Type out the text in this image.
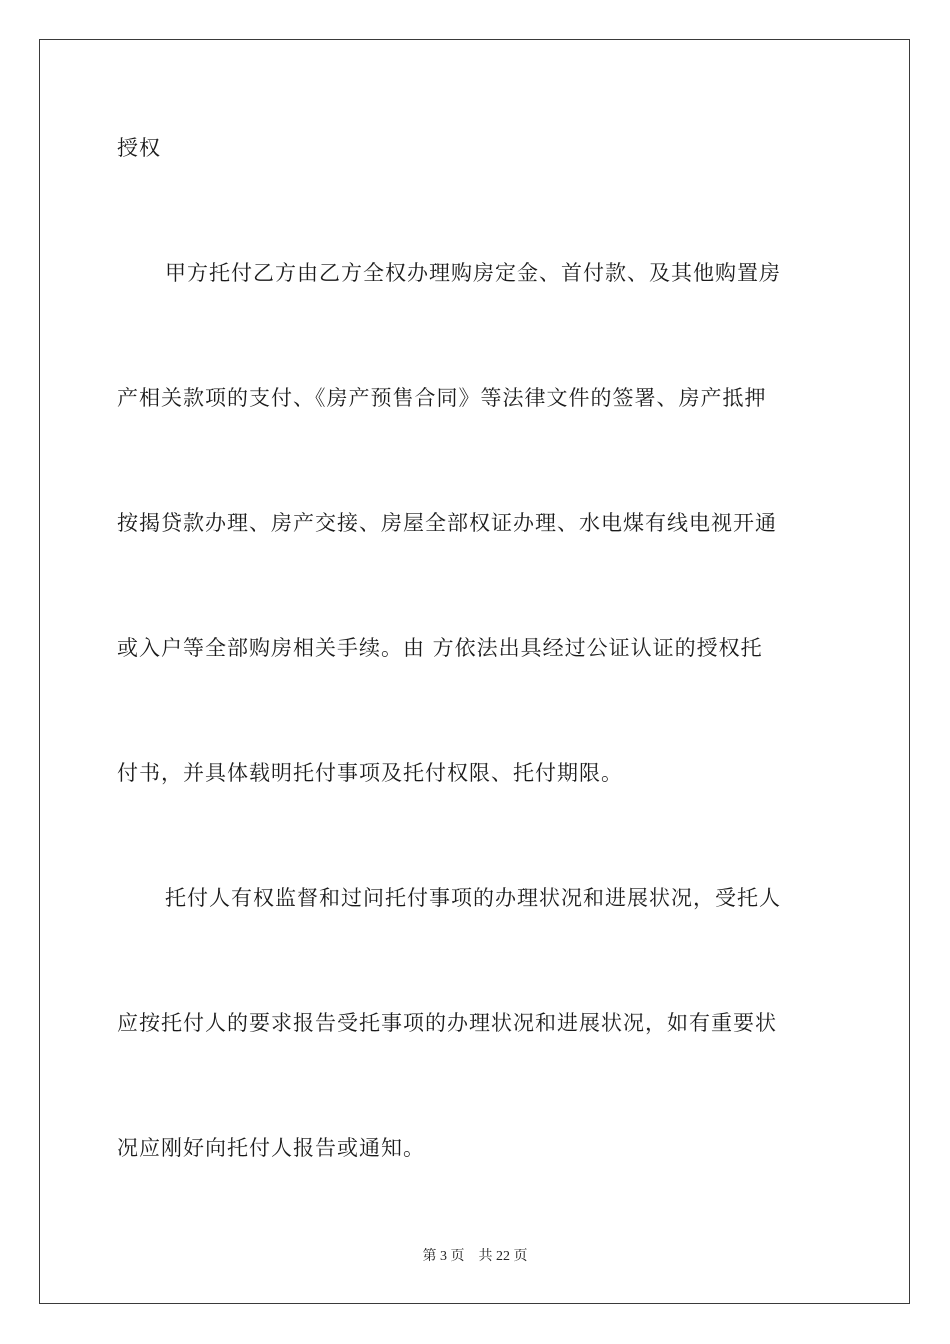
授权
甲方托付乙方由乙方全权办理购房定金、首付款、及其他购置房
产相关款项的支付、《房产预售合同》等法律文件的签署、房产抵押
按揭贷款办理、房产交接、房屋全部权证办理、水电煤有线电视开通
或入户等全部购房相关手续。由 方依法出具经过公证认证的授权托
付书，并具体载明托付事项及托付权限、托付期限。
托付人有权监督和过问托付事项的办理状况和进展状况，受托人
应按托付人的要求报告受托事项的办理状况和进展状况，如有重要状
况应刚好向托付人报告或通知。
第 3 页　共 22 页
